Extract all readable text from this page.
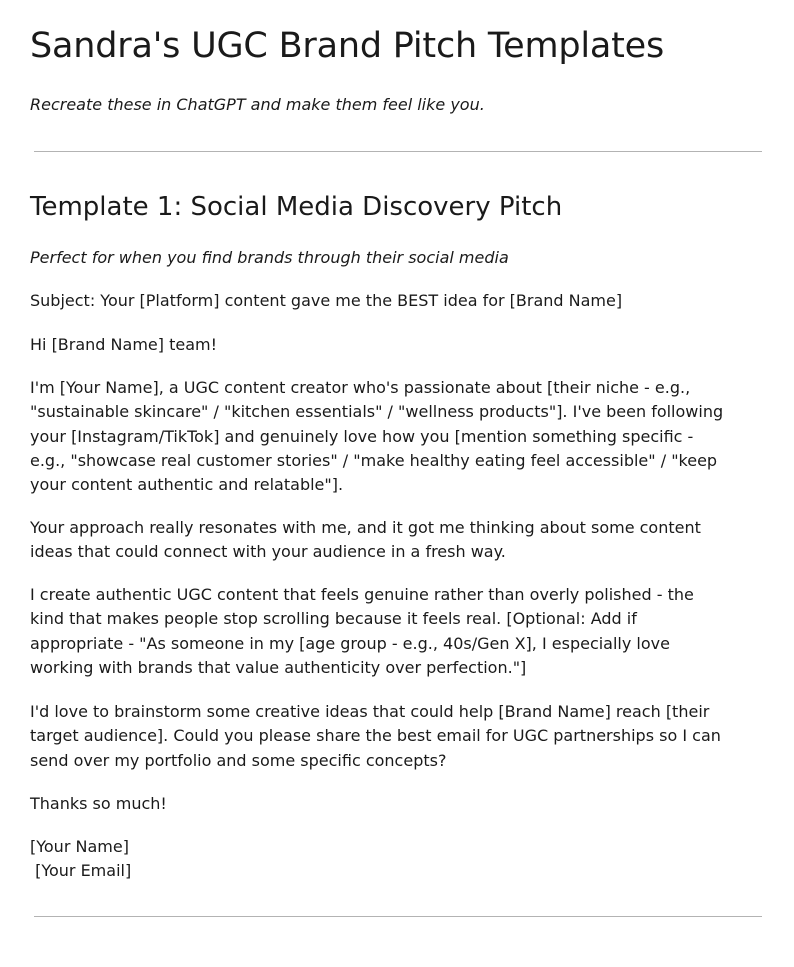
Sandra's UGC Brand Pitch Templates

Recreate these in ChatGPT and make them feel like you.

Template 1: Social Media Discovery Pitch

Perfect for when you find brands through their social media

Subject: Your [Platform] content gave me the BEST idea for [Brand Name]

Hi [Brand Name] team!

I'm [Your Name], a UGC content creator who's passionate about [their niche - e.g.,
"sustainable skincare" / "kitchen essentials" / "wellness products"]. I've been following
your [Instagram/TikTok] and genuinely love how you [mention something specific -
e.g., "showcase real customer stories" / "make healthy eating feel accessible" / "keep
your content authentic and relatable"].

Your approach really resonates with me, and it got me thinking about some content
ideas that could connect with your audience in a fresh way.

I create authentic UGC content that feels genuine rather than overly polished - the
kind that makes people stop scrolling because it feels real. [Optional: Add if
appropriate - "As someone in my [age group - e.g., 40s/Gen X], I especially love
working with brands that value authenticity over perfection."]

I'd love to brainstorm some creative ideas that could help [Brand Name] reach [their
target audience]. Could you please share the best email for UGC partnerships so I can
send over my portfolio and some specific concepts?

Thanks so much!

[Your Name]
[Your Email]
